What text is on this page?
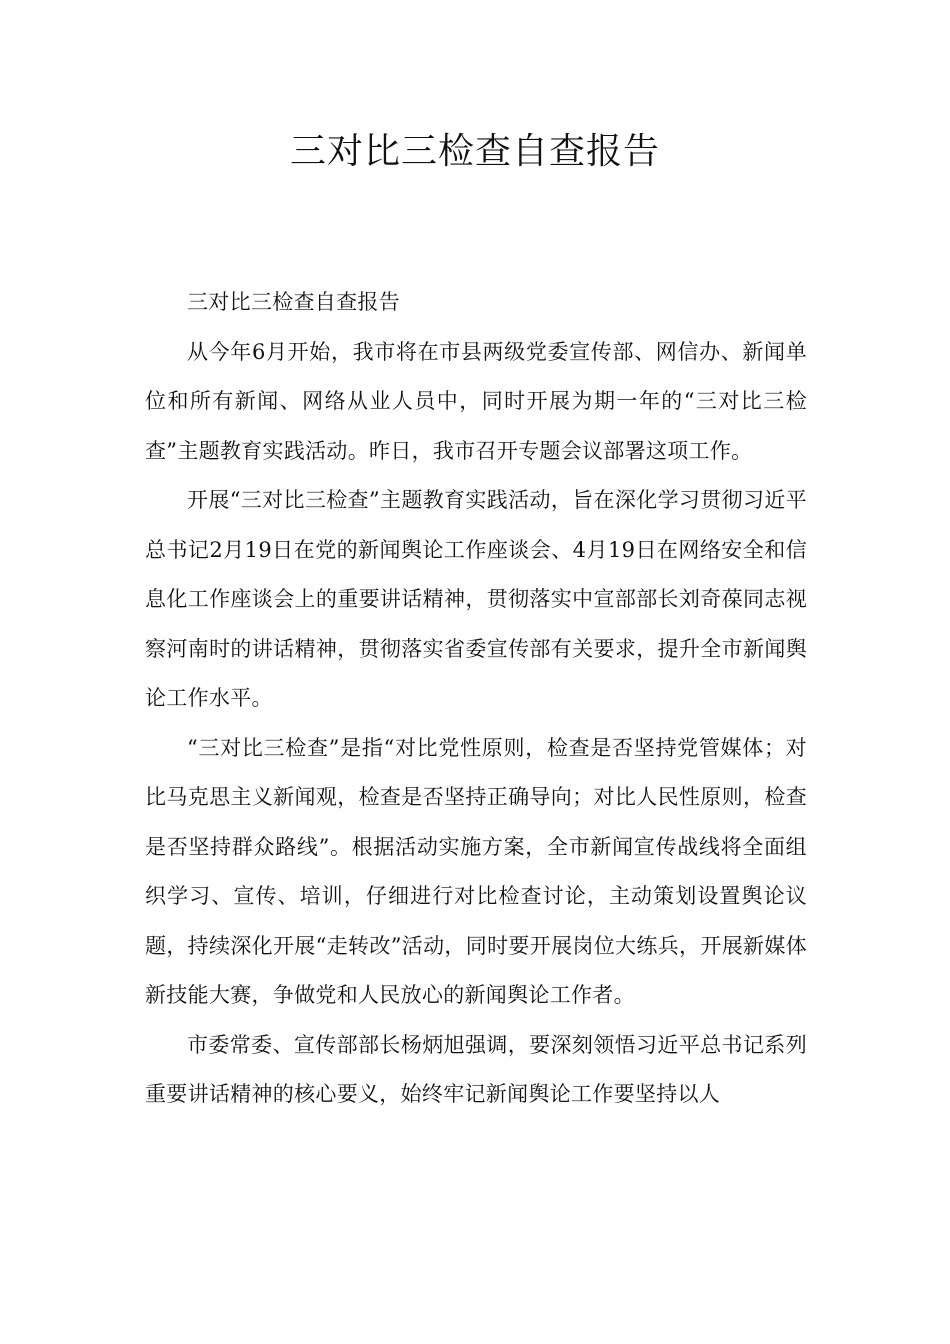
三对比三检查自查报告

三对比三检查自查报告

从今年6月开始，我市将在市县两级党委宣传部、网信办、新闻单位和所有新闻、网络从业人员中，同时开展为期一年的“三对比三检查”主题教育实践活动。昨日，我市召开专题会议部署这项工作。

开展“三对比三检查”主题教育实践活动，旨在深化学习贯彻习近平总书记2月19日在党的新闻舆论工作座谈会、4月19日在网络安全和信息化工作座谈会上的重要讲话精神，贯彻落实中宣部部长刘奇葆同志视察河南时的讲话精神，贯彻落实省委宣传部有关要求，提升全市新闻舆论工作水平。

“三对比三检查”是指“对比党性原则，检查是否坚持党管媒体；对比马克思主义新闻观，检查是否坚持正确导向；对比人民性原则，检查是否坚持群众路线”。根据活动实施方案，全市新闻宣传战线将全面组织学习、宣传、培训，仔细进行对比检查讨论，主动策划设置舆论议题，持续深化开展“走转改”活动，同时要开展岗位大练兵，开展新媒体新技能大赛，争做党和人民放心的新闻舆论工作者。

市委常委、宣传部部长杨炳旭强调，要深刻领悟习近平总书记系列重要讲话精神的核心要义，始终牢记新闻舆论工作要坚持以人
